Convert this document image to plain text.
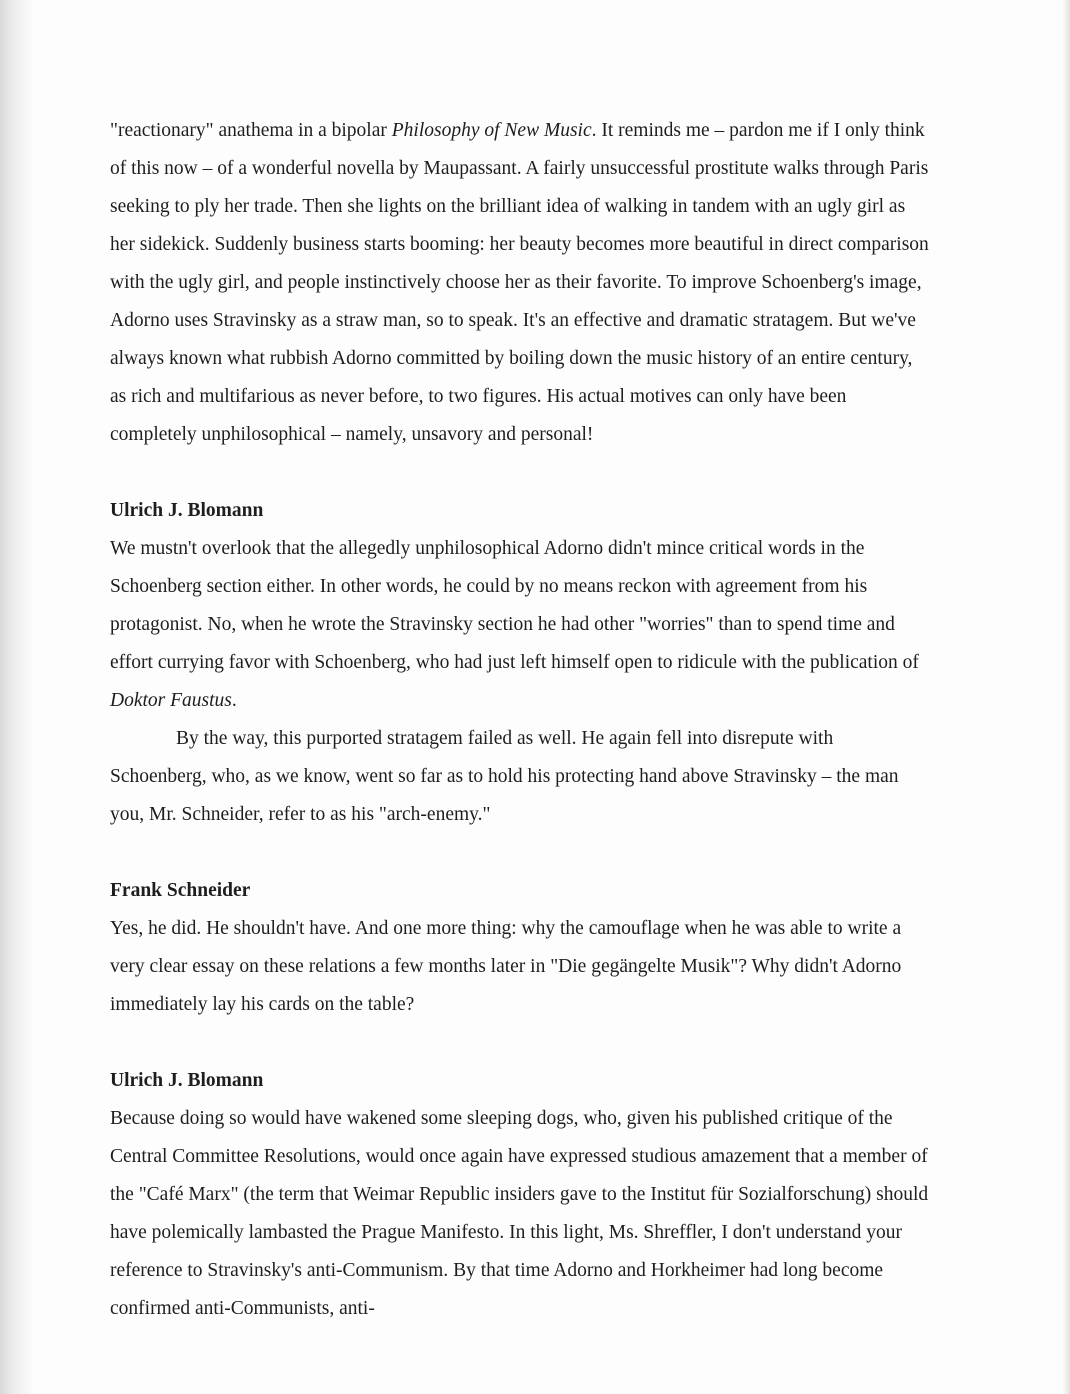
"reactionary" anathema in a bipolar Philosophy of New Music. It reminds me – pardon me if I only think of this now – of a wonderful novella by Maupassant. A fairly unsuccessful prostitute walks through Paris seeking to ply her trade. Then she lights on the brilliant idea of walking in tandem with an ugly girl as her sidekick. Suddenly business starts booming: her beauty becomes more beautiful in direct comparison with the ugly girl, and people instinctively choose her as their favorite. To improve Schoenberg's image, Adorno uses Stravinsky as a straw man, so to speak. It's an effective and dramatic stratagem. But we've always known what rubbish Adorno committed by boiling down the music history of an entire century, as rich and multifarious as never before, to two figures. His actual motives can only have been completely unphilosophical – namely, unsavory and personal!

Ulrich J. Blomann

We mustn't overlook that the allegedly unphilosophical Adorno didn't mince critical words in the Schoenberg section either. In other words, he could by no means reckon with agreement from his protagonist. No, when he wrote the Stravinsky section he had other "worries" than to spend time and effort currying favor with Schoenberg, who had just left himself open to ridicule with the publication of Doktor Faustus.

By the way, this purported stratagem failed as well. He again fell into disrepute with Schoenberg, who, as we know, went so far as to hold his protecting hand above Stravinsky – the man you, Mr. Schneider, refer to as his "arch-enemy."

Frank Schneider

Yes, he did. He shouldn't have. And one more thing: why the camouflage when he was able to write a very clear essay on these relations a few months later in "Die gegängelte Musik"? Why didn't Adorno immediately lay his cards on the table?

Ulrich J. Blomann

Because doing so would have wakened some sleeping dogs, who, given his published critique of the Central Committee Resolutions, would once again have expressed studious amazement that a member of the "Café Marx" (the term that Weimar Republic insiders gave to the Institut für Sozialforschung) should have polemically lambasted the Prague Manifesto. In this light, Ms. Shreffler, I don't understand your reference to Stravinsky's anti-Communism. By that time Adorno and Horkheimer had long become confirmed anti-Communists, anti-
